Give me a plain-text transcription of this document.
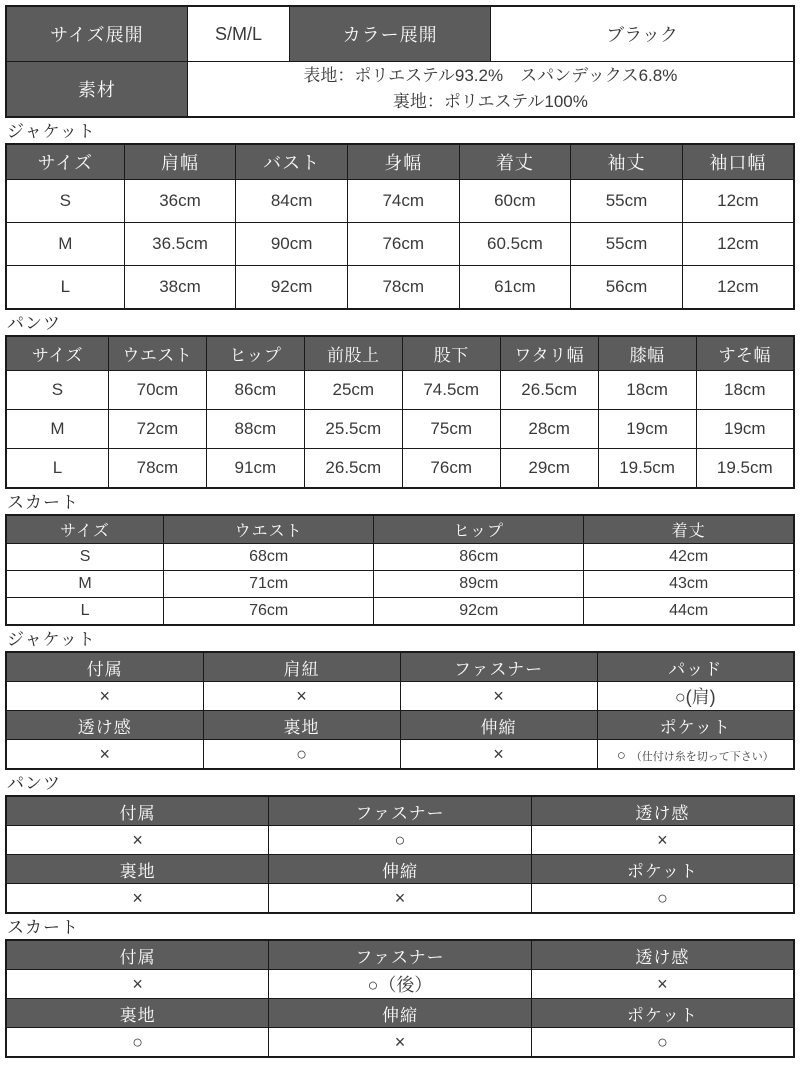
サイズ展開	S/M/L	カラー展開	ブラック
素材	表地：ポリエステル93.2%　スパンデックス6.8%
裏地：ポリエステル100%		
ジャケット
サイズ	肩幅	バスト	身幅	着丈	袖丈	袖口幅
S	36cm	84cm	74cm	60cm	55cm	12cm
M	36.5cm	90cm	76cm	60.5cm	55cm	12cm
L	38cm	92cm	78cm	61cm	56cm	12cm
パンツ
サイズ	ウエスト	ヒップ	前股上	股下	ワタリ幅	膝幅	すそ幅
S	70cm	86cm	25cm	74.5cm	26.5cm	18cm	18cm
M	72cm	88cm	25.5cm	75cm	28cm	19cm	19cm
L	78cm	91cm	26.5cm	76cm	29cm	19.5cm	19.5cm
スカート
サイズ	ウエスト	ヒップ	着丈
S	68cm	86cm	42cm
M	71cm	89cm	43cm
L	76cm	92cm	44cm
ジャケット
付属	肩紐	ファスナー	パッド
×	×	×	○(肩)
透け感	裏地	伸縮	ポケット
×	○	×	○ （仕付け糸を切って下さい）
パンツ
付属	ファスナー	透け感
×	○	×
裏地	伸縮	ポケット
×	×	○
スカート
付属	ファスナー	透け感
×	○（後）	×
裏地	伸縮	ポケット
○	×	○
